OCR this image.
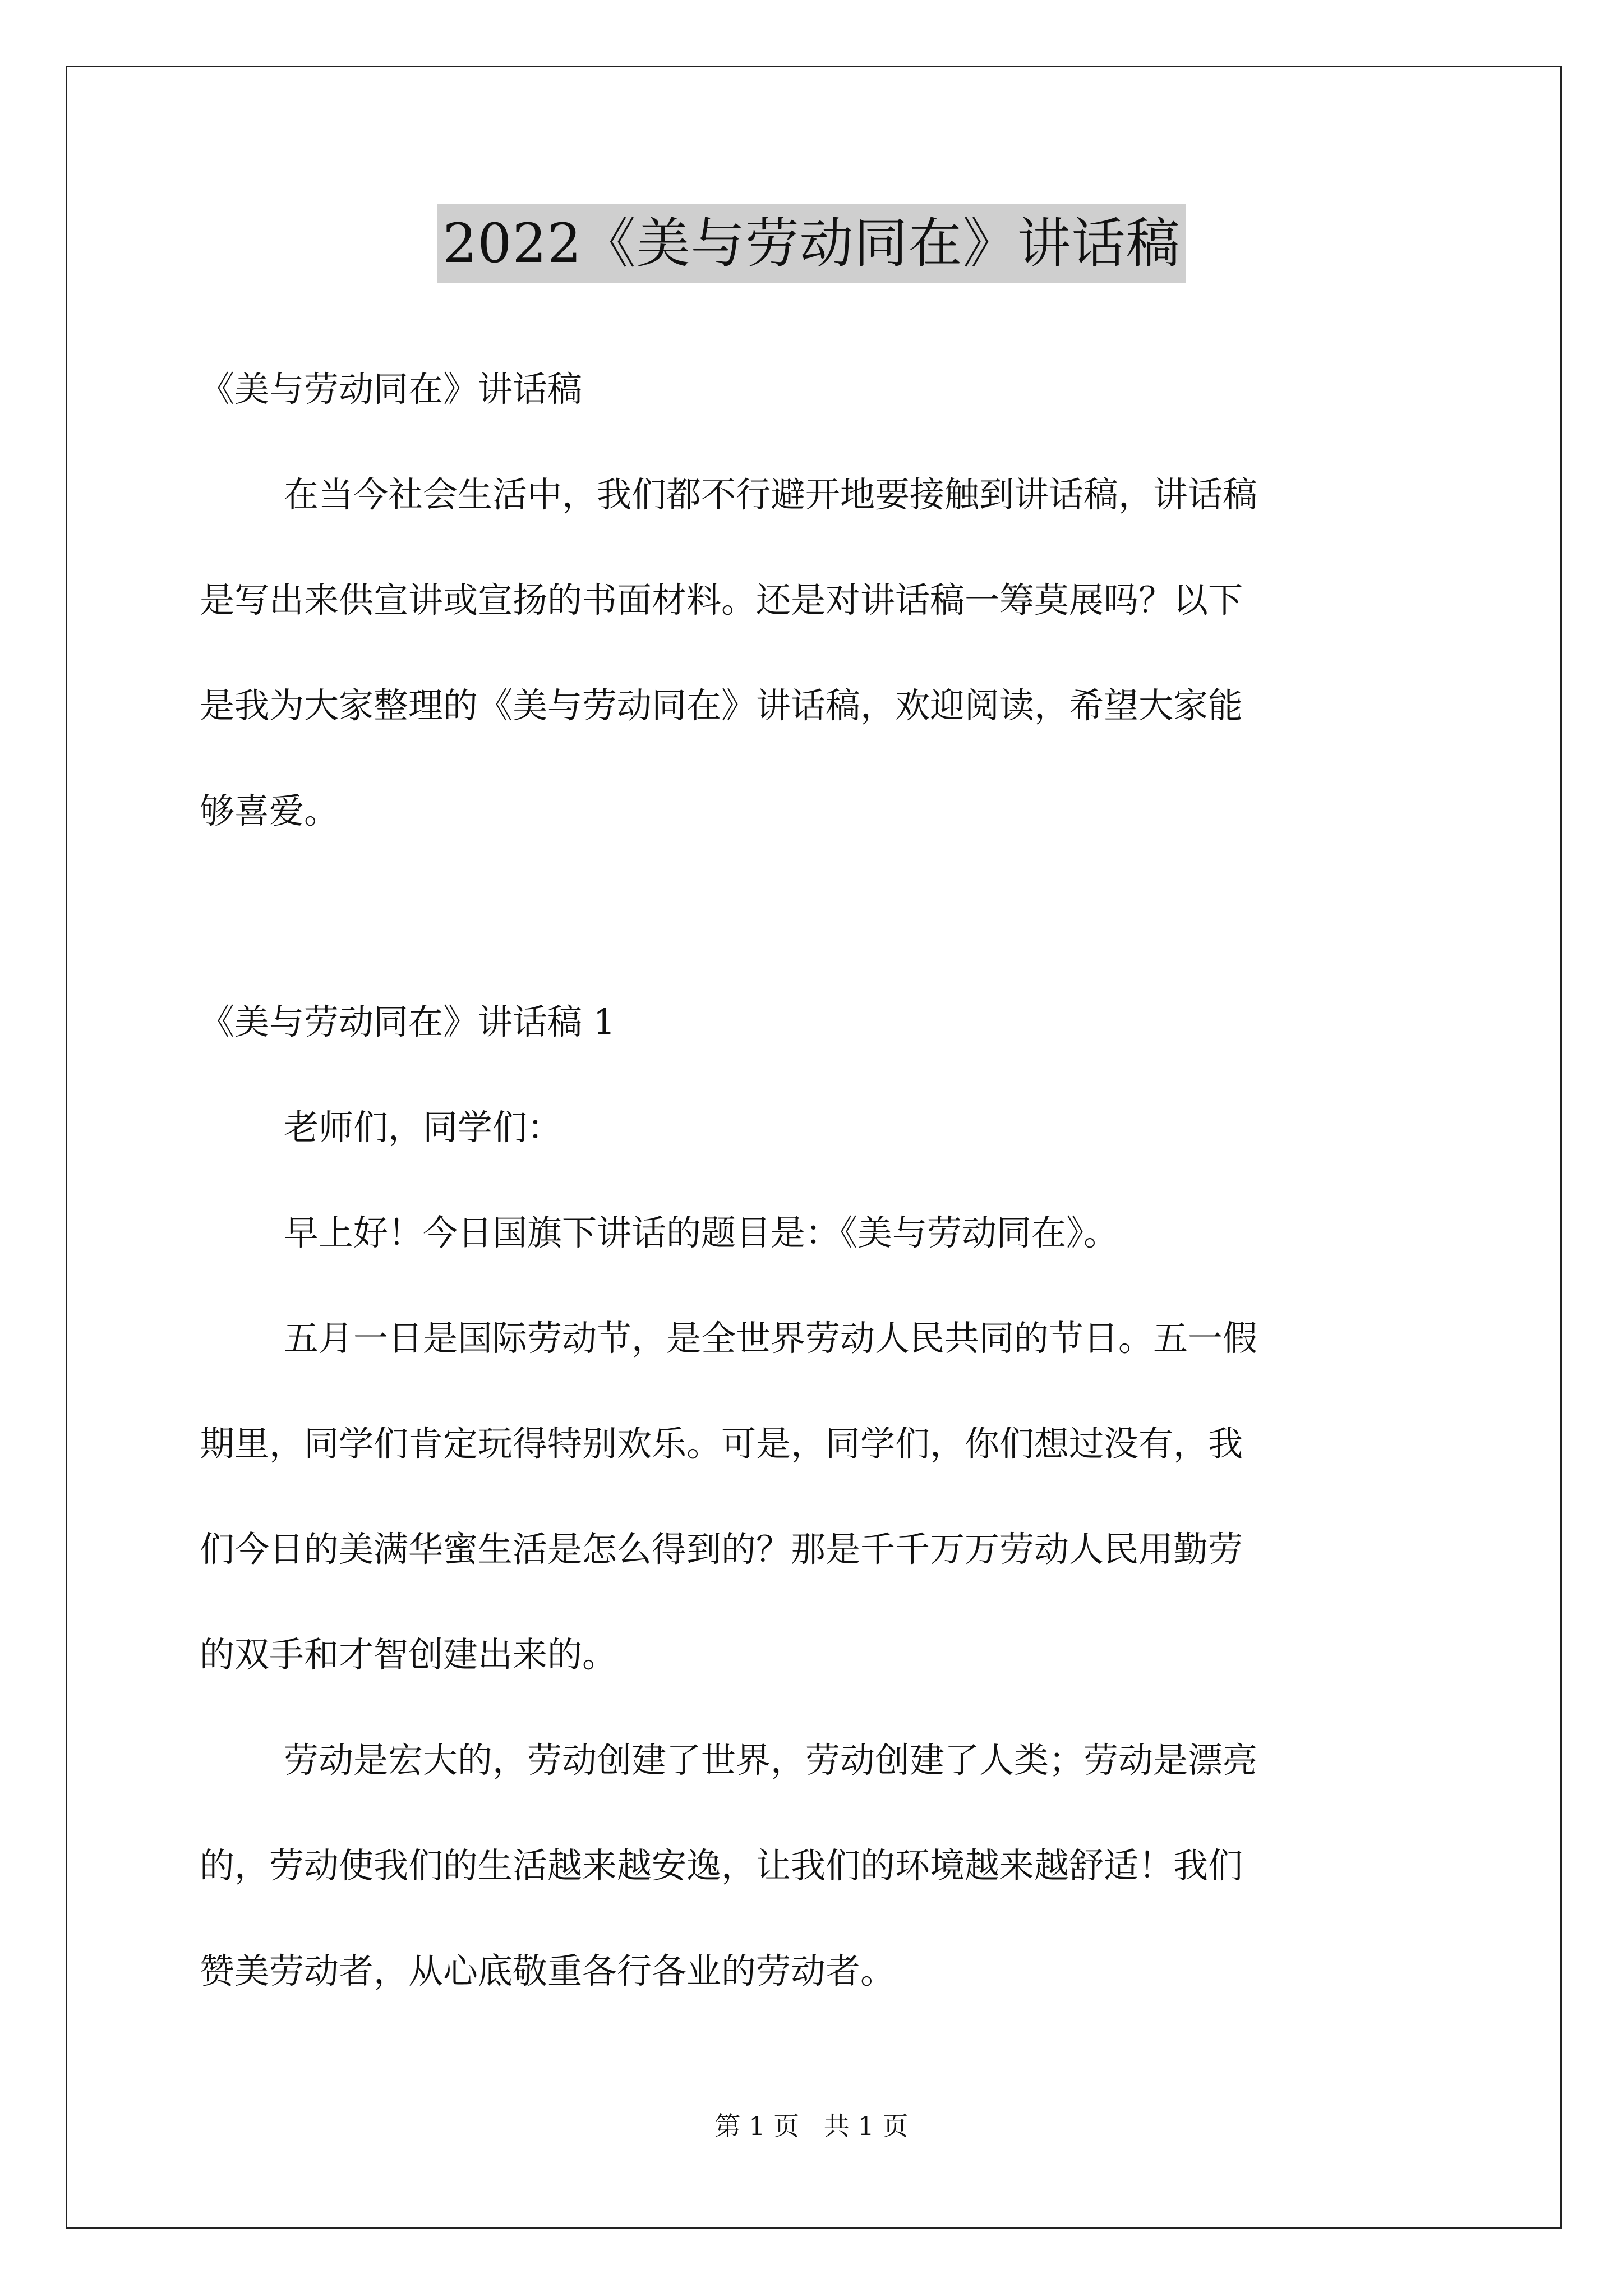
2022《美与劳动同在》讲话稿

《美与劳动同在》讲话稿

在当今社会生活中，我们都不行避开地要接触到讲话稿，讲话稿
是写出来供宣讲或宣扬的书面材料。还是对讲话稿一筹莫展吗？以下
是我为大家整理的《美与劳动同在》讲话稿，欢迎阅读，希望大家能
够喜爱。

《美与劳动同在》讲话稿 1

老师们，同学们：

早上好！今日国旗下讲话的题目是：《美与劳动同在》。

五月一日是国际劳动节，是全世界劳动人民共同的节日。五一假
期里，同学们肯定玩得特别欢乐。可是，同学们，你们想过没有，我
们今日的美满华蜜生活是怎么得到的？那是千千万万劳动人民用勤劳
的双手和才智创建出来的。

劳动是宏大的，劳动创建了世界，劳动创建了人类；劳动是漂亮
的，劳动使我们的生活越来越安逸，让我们的环境越来越舒适！我们
赞美劳动者，从心底敬重各行各业的劳动者。

第 1 页   共 1 页
